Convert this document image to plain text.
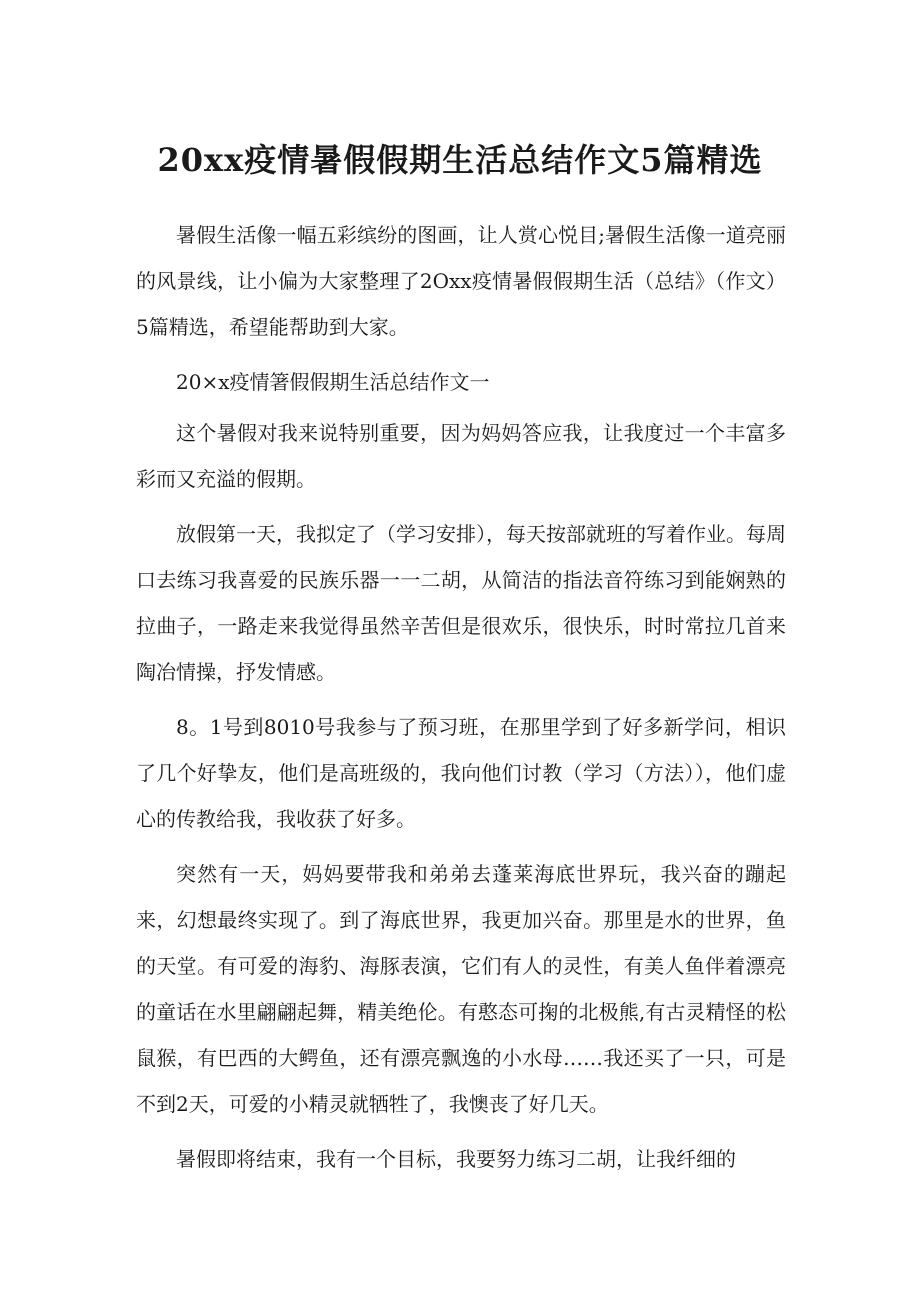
20xx疫情暑假假期生活总结作文5篇精选

暑假生活像一幅五彩缤纷的图画，让人赏心悦目;暑假生活像一道亮丽的风景线，让小偏为大家整理了2Oxx疫情暑假假期生活（总结》（作文）5篇精选，希望能帮助到大家。

20×x疫情箸假假期生活总结作文一

这个暑假对我来说特别重要，因为妈妈答应我，让我度过一个丰富多彩而又充溢的假期。

放假第一天，我拟定了（学习安排），每天按部就班的写着作业。每周口去练习我喜爱的民族乐器一一二胡，从简洁的指法音符练习到能娴熟的拉曲子，一路走来我觉得虽然辛苦但是很欢乐，很快乐，时时常拉几首来陶冶情操，抒发情感。

8。1号到8010号我参与了预习班，在那里学到了好多新学问，相识了几个好挚友，他们是高班级的，我向他们讨教（学习（方法）），他们虚心的传教给我，我收获了好多。

突然有一天，妈妈要带我和弟弟去蓬莱海底世界玩，我兴奋的蹦起来，幻想最终实现了。到了海底世界，我更加兴奋。那里是水的世界，鱼的天堂。有可爱的海豹、海豚表演，它们有人的灵性，有美人鱼伴着漂亮的童话在水里翩翩起舞，精美绝伦。有憨态可掬的北极熊,有古灵精怪的松鼠猴，有巴西的大鳄鱼，还有漂亮飘逸的小水母……我还买了一只，可是不到2天，可爱的小精灵就牺牲了，我懊丧了好几天。

暑假即将结束，我有一个目标，我要努力练习二胡，让我纤细的
